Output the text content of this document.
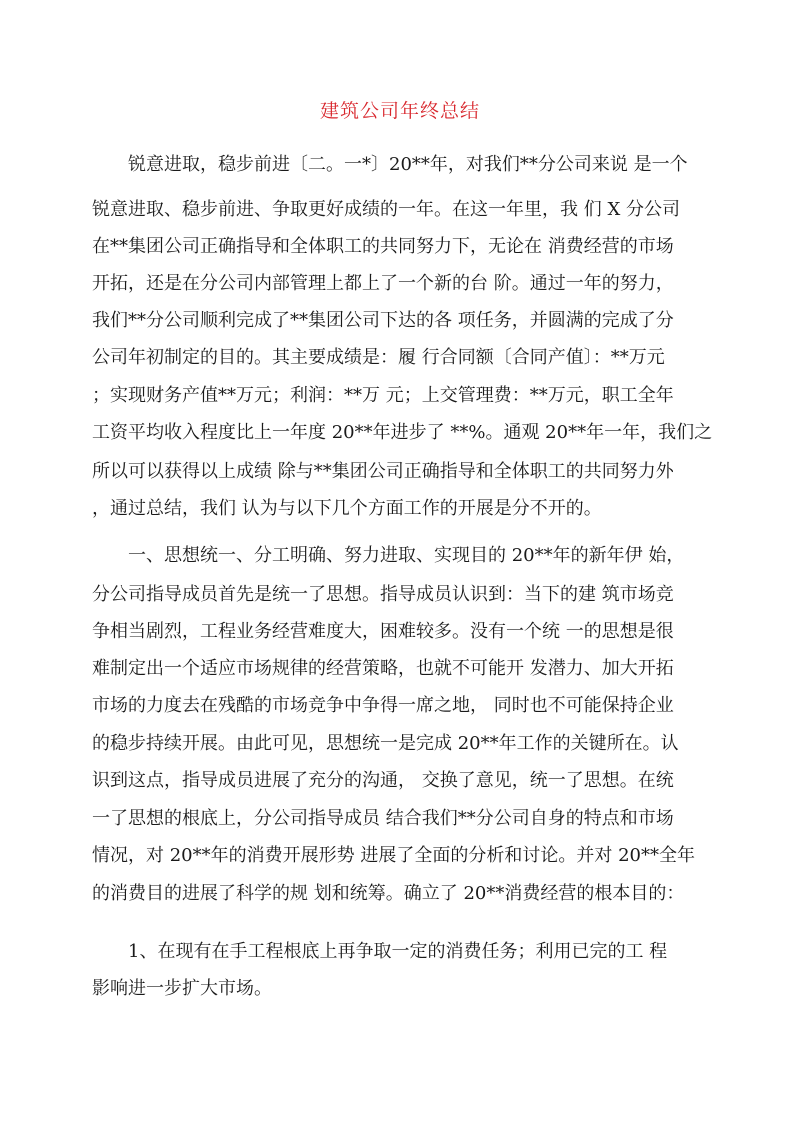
建筑公司年终总结
　　锐意进取，稳步前进〔二。一*〕20**年，对我们**分公司来说 是一个
锐意进取、稳步前进、争取更好成绩的一年。在这一年里，我 们 X 分公司
在**集团公司正确指导和全体职工的共同努力下，无论在 消费经营的市场
开拓，还是在分公司内部管理上都上了一个新的台 阶。通过一年的努力，
我们**分公司顺利完成了**集团公司下达的各 项任务，并圆满的完成了分
公司年初制定的目的。其主要成绩是：履 行合同额〔合同产值〕：**万元
；实现财务产值**万元；利润：**万 元；上交管理费：**万元，职工全年
工资平均收入程度比上一年度 20**年进步了 **%。通观 20**年一年，我们之
所以可以获得以上成绩 除与**集团公司正确指导和全体职工的共同努力外
，通过总结，我们 认为与以下几个方面工作的开展是分不开的。
　　一、思想统一、分工明确、努力进取、实现目的 20**年的新年伊 始，
分公司指导成员首先是统一了思想。指导成员认识到：当下的建 筑市场竞
争相当剧烈，工程业务经营难度大，困难较多。没有一个统 一的思想是很
难制定出一个适应市场规律的经营策略，也就不可能开 发潜力、加大开拓
市场的力度去在残酷的市场竞争中争得一席之地， 同时也不可能保持企业
的稳步持续开展。由此可见，思想统一是完成 20**年工作的关键所在。认
识到这点，指导成员进展了充分的沟通， 交换了意见，统一了思想。在统
一了思想的根底上，分公司指导成员 结合我们**分公司自身的特点和市场
情况，对 20**年的消费开展形势 进展了全面的分析和讨论。并对 20**全年
的消费目的进展了科学的规 划和统筹。确立了 20**消费经营的根本目的：
　　1、在现有在手工程根底上再争取一定的消费任务；利用已完的工 程
影响进一步扩大市场。
